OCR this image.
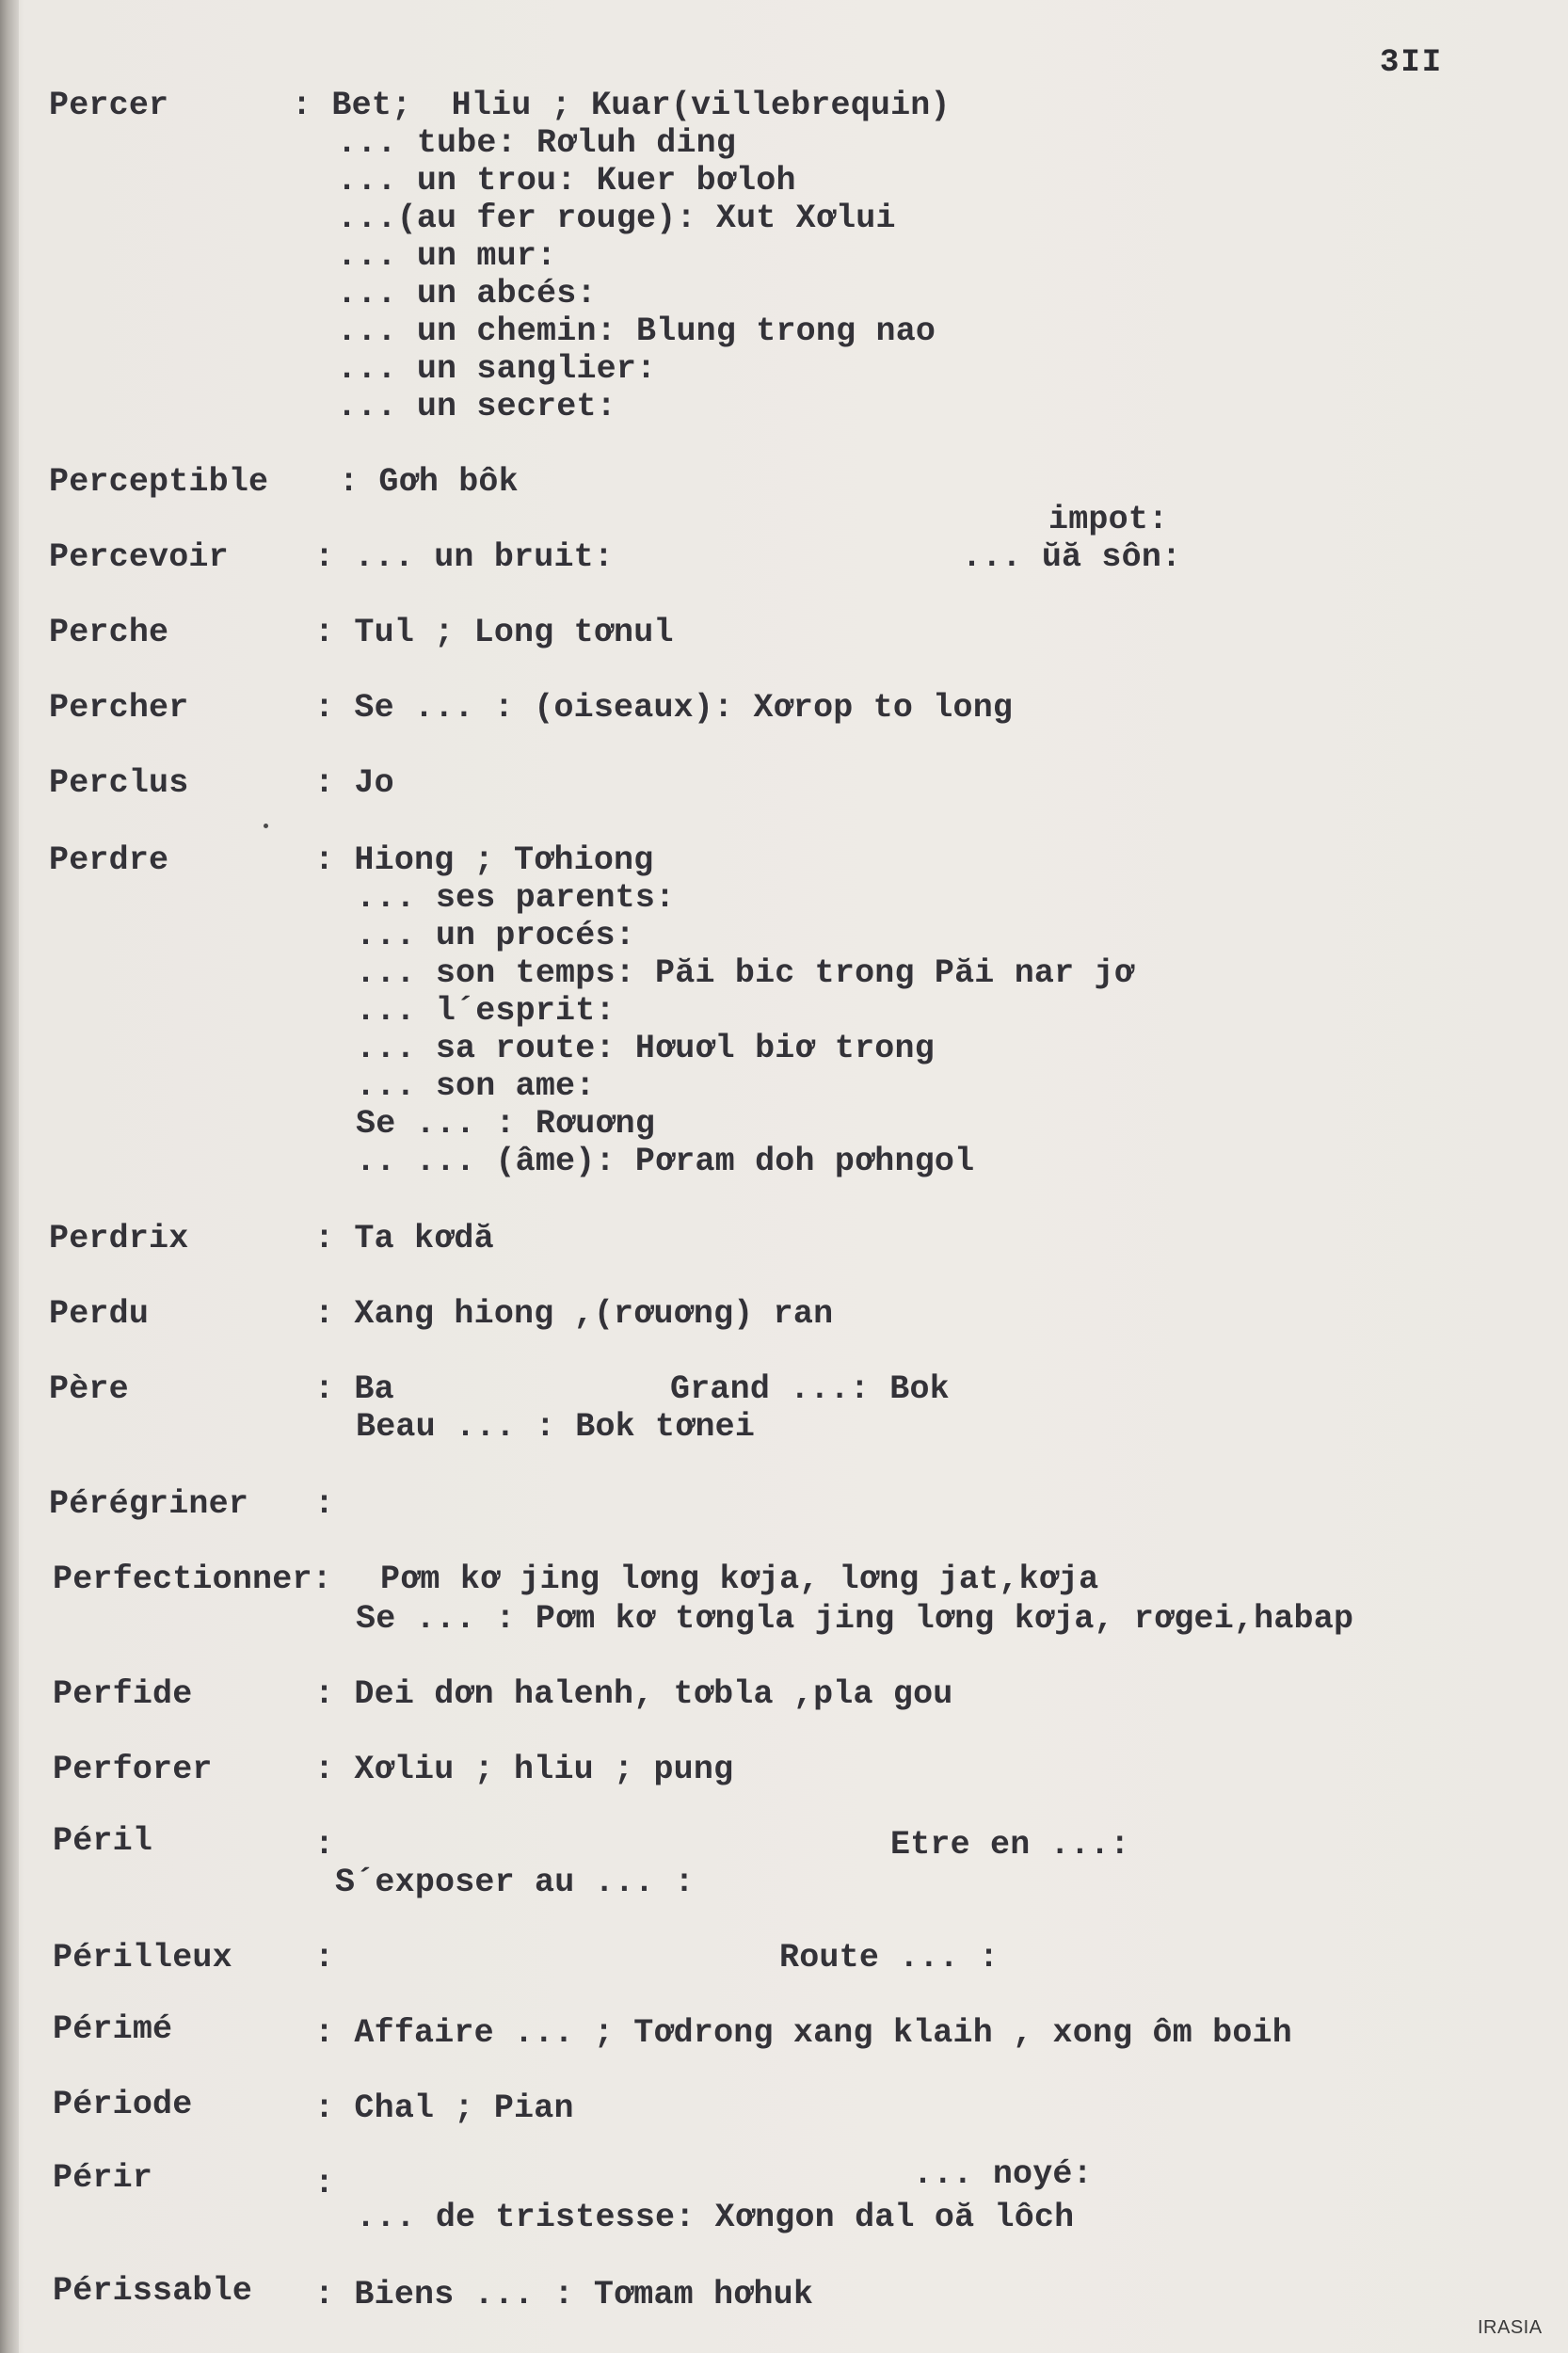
3II
Percer	: Bet;  Hliu ; Kuar(villebrequin)
... tube: Rơluh ding
... un trou: Kuer bơloh
...(au fer rouge): Xut Xơlui
... un mur:
... un abcés:
... un chemin: Blung trong nao
... un sanglier:
... un secret:
Perceptible : Gơh bôk
impot:
Percevoir	: ... un bruit:	... ŭă sôn:
Perche	: Tul ; Long tơnul
Percher	: Se ... : (oiseaux): Xơrop to long
Perclus	: Jo
Perdre	: Hiong ; Tơhiong
... ses parents:
... un procés:
... son temps: Păi bic trong Păi nar jơ
... l´esprit:
... sa route: Hơuơl biơ trong
... son ame:
Se ... : Rơuơng
.. ... (âme): Pơram doh pơhngol
Perdrix	: Ta kơdă
Perdu	: Xang hiong ,(rơuơng) ran
Père	: Ba	Grand ...: Bok
Beau ... : Bok tơnei
Pérégriner :
Perfectionner: Pơm kơ jing lơng kơja, lơng jat,kơja
Se ... : Pơm kơ tơngla jing lơng kơja, rơgei,habap
Perfide	: Dei dơn halenh, tơbla ,pla gou
Perforer	: Xơliu ; hliu ; pung
Péril	:	Etre en ...:
S´exposer au ... :
Périlleux :	Route ... :
Périmé	: Affaire ... ; Tơdrong xang klaih , xong ôm boih
Période	: Chal ; Pian
Périr	:	... noyé:
... de tristesse: Xơngon dal oă lôch
Périssable : Biens ... : Tơmam hơhuk
IRASIA
